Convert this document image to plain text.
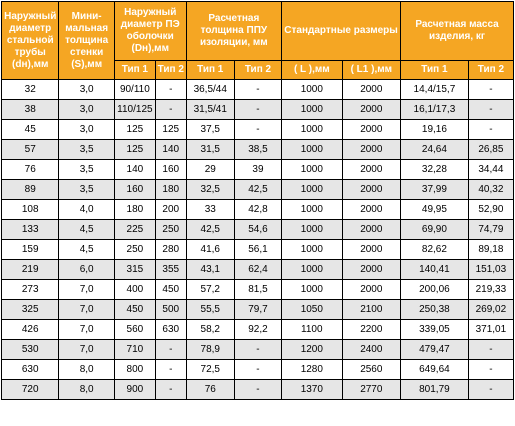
Наружный диаметр стальной трубы (dн),мм	Мини-мальная толщина стенки (S),мм	Наружный диаметр ПЭ оболочки (Dн),мм		Расчетная толщина ППУ изоляции, мм		Стандартные размеры		Расчетная масса изделия, кг	
		Тип 1	Тип 2	Тип 1	Тип 2	( L ),мм	( L1 ),мм	Тип 1	Тип 2
32	3,0	90/110	-	36,5/44	-	1000	2000	14,4/15,7	-
38	3,0	110/125	-	31,5/41	-	1000	2000	16,1/17,3	-
45	3,0	125	125	37,5	-	1000	2000	19,16	-
57	3,5	125	140	31,5	38,5	1000	2000	24,64	26,85
76	3,5	140	160	29	39	1000	2000	32,28	34,44
89	3,5	160	180	32,5	42,5	1000	2000	37,99	40,32
108	4,0	180	200	33	42,8	1000	2000	49,95	52,90
133	4,5	225	250	42,5	54,6	1000	2000	69,90	74,79
159	4,5	250	280	41,6	56,1	1000	2000	82,62	89,18
219	6,0	315	355	43,1	62,4	1000	2000	140,41	151,03
273	7,0	400	450	57,2	81,5	1000	2000	200,06	219,33
325	7,0	450	500	55,5	79,7	1050	2100	250,38	269,02
426	7,0	560	630	58,2	92,2	1100	2200	339,05	371,01
530	7,0	710	-	78,9	-	1200	2400	479,47	-
630	8,0	800	-	72,5	-	1280	2560	649,64	-
720	8,0	900	-	76	-	1370	2770	801,79	-
